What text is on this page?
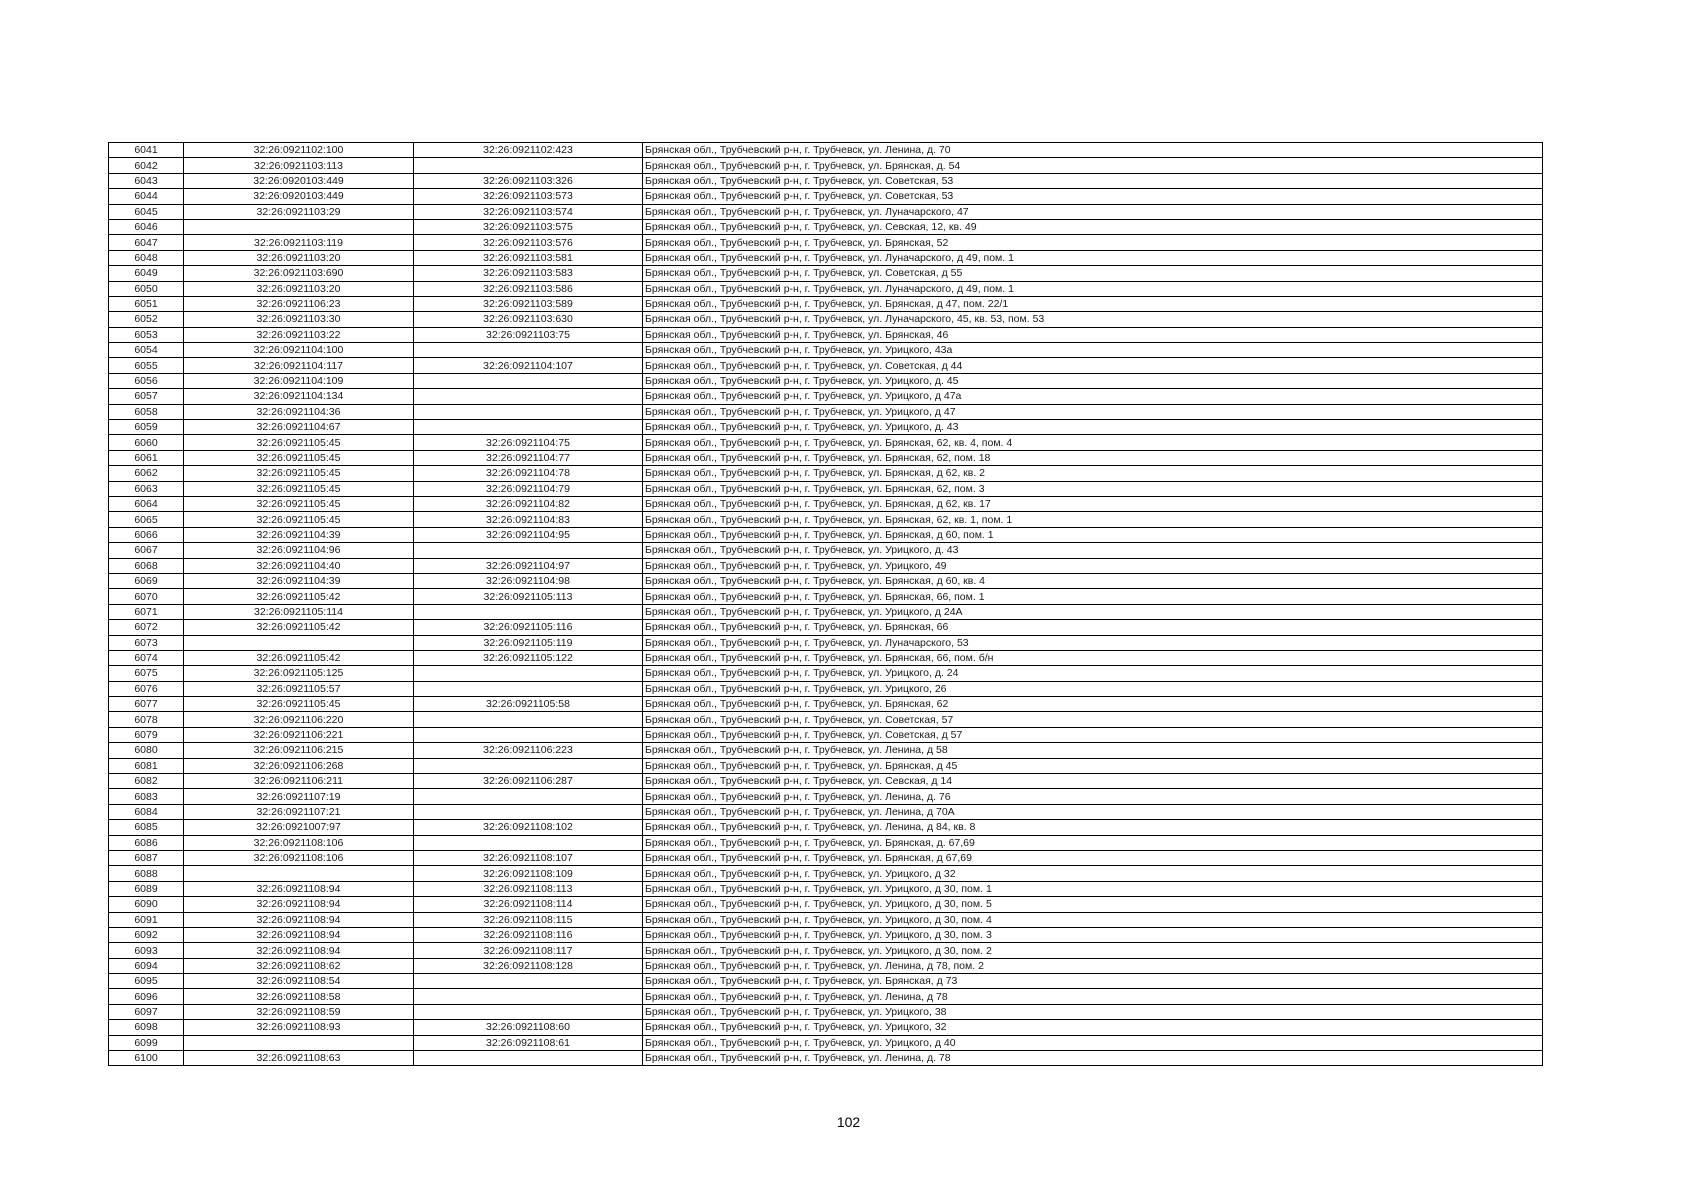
6041	32:26:0921102:100	32:26:0921102:423	Брянская обл., Трубчевский р-н, г. Трубчевск, ул. Ленина, д. 70
6042	32:26:0921103:113		Брянская обл., Трубчевский р-н, г. Трубчевск, ул. Брянская, д. 54
6043	32:26:0920103:449	32:26:0921103:326	Брянская обл., Трубчевский р-н, г. Трубчевск, ул. Советская, 53
6044	32:26:0920103:449	32:26:0921103:573	Брянская обл., Трубчевский р-н, г. Трубчевск, ул. Советская, 53
6045	32:26:0921103:29	32:26:0921103:574	Брянская обл., Трубчевский р-н, г. Трубчевск, ул. Луначарского, 47
6046		32:26:0921103:575	Брянская обл., Трубчевский р-н, г. Трубчевск, ул. Севская, 12, кв. 49
6047	32:26:0921103:119	32:26:0921103:576	Брянская обл., Трубчевский р-н, г. Трубчевск, ул. Брянская, 52
6048	32:26:0921103:20	32:26:0921103:581	Брянская обл., Трубчевский р-н, г. Трубчевск, ул. Луначарского, д 49, пом. 1
6049	32:26:0921103:690	32:26:0921103:583	Брянская обл., Трубчевский р-н, г. Трубчевск, ул. Советская, д 55
6050	32:26:0921103:20	32:26:0921103:586	Брянская обл., Трубчевский р-н, г. Трубчевск, ул. Луначарского, д 49, пом. 1
6051	32:26:0921106:23	32:26:0921103:589	Брянская обл., Трубчевский р-н, г. Трубчевск, ул. Брянская, д 47, пом. 22/1
6052	32:26:0921103:30	32:26:0921103:630	Брянская обл., Трубчевский р-н, г. Трубчевск, ул. Луначарского, 45, кв. 53, пом. 53
6053	32:26:0921103:22	32:26:0921103:75	Брянская обл., Трубчевский р-н, г. Трубчевск, ул. Брянская, 46
6054	32:26:0921104:100		Брянская обл., Трубчевский р-н, г. Трубчевск, ул. Урицкого, 43а
6055	32:26:0921104:117	32:26:0921104:107	Брянская обл., Трубчевский р-н, г. Трубчевск, ул. Советская, д 44
6056	32:26:0921104:109		Брянская обл., Трубчевский р-н, г. Трубчевск, ул. Урицкого, д. 45
6057	32:26:0921104:134		Брянская обл., Трубчевский р-н, г. Трубчевск, ул. Урицкого, д 47а
6058	32:26:0921104:36		Брянская обл., Трубчевский р-н, г. Трубчевск, ул. Урицкого, д 47
6059	32:26:0921104:67		Брянская обл., Трубчевский р-н, г. Трубчевск, ул. Урицкого, д. 43
6060	32:26:0921105:45	32:26:0921104:75	Брянская обл., Трубчевский р-н, г. Трубчевск, ул. Брянская, 62, кв. 4, пом. 4
6061	32:26:0921105:45	32:26:0921104:77	Брянская обл., Трубчевский р-н, г. Трубчевск, ул. Брянская, 62, пом. 18
6062	32:26:0921105:45	32:26:0921104:78	Брянская обл., Трубчевский р-н, г. Трубчевск, ул. Брянская, д 62, кв. 2
6063	32:26:0921105:45	32:26:0921104:79	Брянская обл., Трубчевский р-н, г. Трубчевск, ул. Брянская, 62, пом. 3
6064	32:26:0921105:45	32:26:0921104:82	Брянская обл., Трубчевский р-н, г. Трубчевск, ул. Брянская, д 62, кв. 17
6065	32:26:0921105:45	32:26:0921104:83	Брянская обл., Трубчевский р-н, г. Трубчевск, ул. Брянская, 62, кв. 1, пом. 1
6066	32:26:0921104:39	32:26:0921104:95	Брянская обл., Трубчевский р-н, г. Трубчевск, ул. Брянская, д 60, пом. 1
6067	32:26:0921104:96		Брянская обл., Трубчевский р-н, г. Трубчевск, ул. Урицкого, д. 43
6068	32:26:0921104:40	32:26:0921104:97	Брянская обл., Трубчевский р-н, г. Трубчевск, ул. Урицкого, 49
6069	32:26:0921104:39	32:26:0921104:98	Брянская обл., Трубчевский р-н, г. Трубчевск, ул. Брянская, д 60, кв. 4
6070	32:26:0921105:42	32:26:0921105:113	Брянская обл., Трубчевский р-н, г. Трубчевск, ул. Брянская, 66, пом. 1
6071	32:26:0921105:114		Брянская обл., Трубчевский р-н, г. Трубчевск, ул. Урицкого, д 24А
6072	32:26:0921105:42	32:26:0921105:116	Брянская обл., Трубчевский р-н, г. Трубчевск, ул. Брянская, 66
6073		32:26:0921105:119	Брянская обл., Трубчевский р-н, г. Трубчевск, ул. Луначарского, 53
6074	32:26:0921105:42	32:26:0921105:122	Брянская обл., Трубчевский р-н, г. Трубчевск, ул. Брянская, 66, пом. б/н
6075	32:26:0921105:125		Брянская обл., Трубчевский р-н, г. Трубчевск, ул. Урицкого, д. 24
6076	32:26:0921105:57		Брянская обл., Трубчевский р-н, г. Трубчевск, ул. Урицкого, 26
6077	32:26:0921105:45	32:26:0921105:58	Брянская обл., Трубчевский р-н, г. Трубчевск, ул. Брянская, 62
6078	32:26:0921106:220		Брянская обл., Трубчевский р-н, г. Трубчевск, ул. Советская, 57
6079	32:26:0921106:221		Брянская обл., Трубчевский р-н, г. Трубчевск, ул. Советская, д 57
6080	32:26:0921106:215	32:26:0921106:223	Брянская обл., Трубчевский р-н, г. Трубчевск, ул. Ленина, д 58
6081	32:26:0921106:268		Брянская обл., Трубчевский р-н, г. Трубчевск, ул. Брянская, д 45
6082	32:26:0921106:211	32:26:0921106:287	Брянская обл., Трубчевский р-н, г. Трубчевск, ул. Севская, д 14
6083	32:26:0921107:19		Брянская обл., Трубчевский р-н, г. Трубчевск, ул. Ленина, д. 76
6084	32:26:0921107:21		Брянская обл., Трубчевский р-н, г. Трубчевск, ул. Ленина, д 70А
6085	32:26:0921007:97	32:26:0921108:102	Брянская обл., Трубчевский р-н, г. Трубчевск, ул. Ленина, д 84, кв. 8
6086	32:26:0921108:106		Брянская обл., Трубчевский р-н, г. Трубчевск, ул. Брянская, д. 67,69
6087	32:26:0921108:106	32:26:0921108:107	Брянская обл., Трубчевский р-н, г. Трубчевск, ул. Брянская, д 67,69
6088		32:26:0921108:109	Брянская обл., Трубчевский р-н, г. Трубчевск, ул. Урицкого, д 32
6089	32:26:0921108:94	32:26:0921108:113	Брянская обл., Трубчевский р-н, г. Трубчевск, ул. Урицкого, д 30, пом. 1
6090	32:26:0921108:94	32:26:0921108:114	Брянская обл., Трубчевский р-н, г. Трубчевск, ул. Урицкого, д 30, пом. 5
6091	32:26:0921108:94	32:26:0921108:115	Брянская обл., Трубчевский р-н, г. Трубчевск, ул. Урицкого, д 30, пом. 4
6092	32:26:0921108:94	32:26:0921108:116	Брянская обл., Трубчевский р-н, г. Трубчевск, ул. Урицкого, д 30, пом. 3
6093	32:26:0921108:94	32:26:0921108:117	Брянская обл., Трубчевский р-н, г. Трубчевск, ул. Урицкого, д 30, пом. 2
6094	32:26:0921108:62	32:26:0921108:128	Брянская обл., Трубчевский р-н, г. Трубчевск, ул. Ленина, д 78, пом. 2
6095	32:26:0921108:54		Брянская обл., Трубчевский р-н, г. Трубчевск, ул. Брянская, д 73
6096	32:26:0921108:58		Брянская обл., Трубчевский р-н, г. Трубчевск, ул. Ленина, д 78
6097	32:26:0921108:59		Брянская обл., Трубчевский р-н, г. Трубчевск, ул. Урицкого, 38
6098	32:26:0921108:93	32:26:0921108:60	Брянская обл., Трубчевский р-н, г. Трубчевск, ул. Урицкого, 32
6099		32:26:0921108:61	Брянская обл., Трубчевский р-н, г. Трубчевск, ул. Урицкого, д 40
6100	32:26:0921108:63		Брянская обл., Трубчевский р-н, г. Трубчевск, ул. Ленина, д. 78
102
